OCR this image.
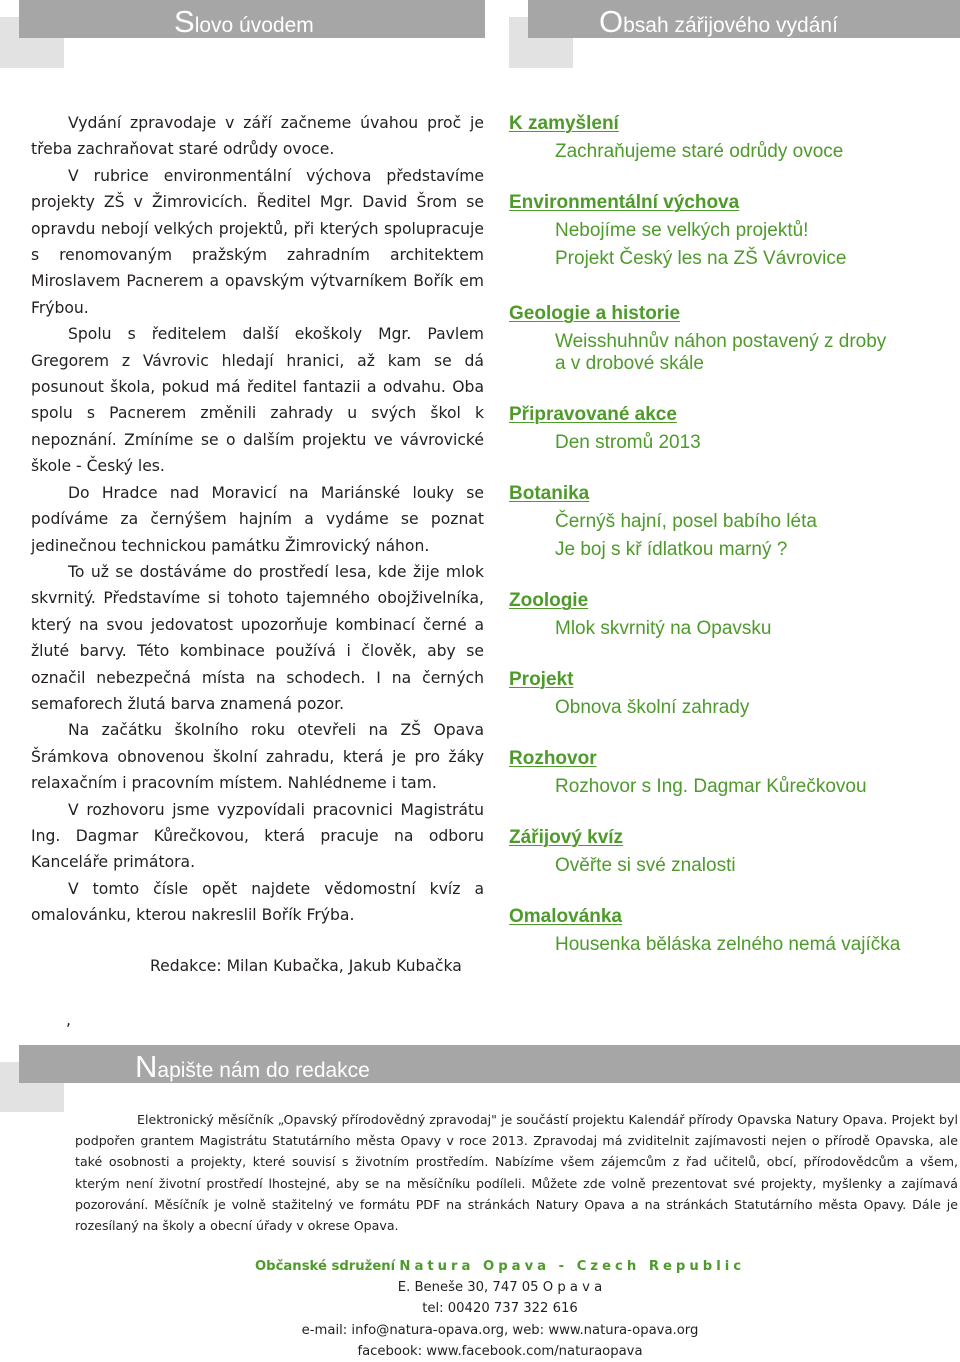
Slovo úvodem	Obsah zářijového vydání

Vydání zpravodaje v září začneme úvahou proč je třeba zachraňovat staré odrůdy ovoce.

V rubrice environmentální výchova představíme projekty ZŠ v Žimrovicích. Ředitel Mgr. David Šrom se opravdu nebojí velkých projektů, při kterých spolupracuje s renomovaným pražským zahradním architektem Miroslavem Pacnerem a opavským výtvarníkem Bořík em Frýbou.

Spolu s ředitelem další ekoškoly Mgr. Pavlem Gregorem z Vávrovic hledají hranici, až kam se dá posunout škola, pokud má ředitel fantazii a odvahu. Oba spolu s Pacnerem změnili zahrady u svých škol k nepoznání. Zmíníme se o dalším projektu ve vávrovické škole - Český les.

Do Hradce nad Moravicí na Mariánské louky se podíváme za černýšem hajním a vydáme se poznat jedinečnou technickou památku Žimrovický náhon.

To už se dostáváme do prostředí lesa, kde žije mlok skvrnitý. Představíme si tohoto tajemného obojživelníka, který na svou jedovatost upozorňuje kombinací černé a žluté barvy. Této kombinace používá i člověk, aby se označil nebezpečná místa na schodech. I na černých semaforech žlutá barva znamená pozor.

Na začátku školního roku otevřeli na ZŠ Opava Šrámkova obnovenou školní zahradu, která je pro žáky relaxačním i pracovním místem. Nahlédneme i tam.

V rozhovoru jsme vyzpovídali pracovnici Magistrátu Ing. Dagmar Kůrečkovou, která pracuje na odboru Kanceláře primátora.

V tomto čísle opět najdete vědomostní kvíz a omalovánku, kterou nakreslil Bořík Frýba.

Redakce: Milan Kubačka, Jakub Kubačka

,

K zamyšlení
Zachraňujeme staré odrůdy ovoce
Environmentální výchova
Nebojíme se velkých projektů!
Projekt Český les na ZŠ Vávrovice
Geologie a historie
Weisshuhnův náhon postavený z droby
a v drobové skále
Připravované akce
Den stromů 2013
Botanika
Černýš hajní, posel babího léta
Je boj s kř ídlatkou marný ?
Zoologie
Mlok skvrnitý na Opavsku
Projekt
Obnova školní zahrady
Rozhovor
Rozhovor s Ing. Dagmar Kůrečkovou
Zářijový kvíz
Ověřte si své znalosti
Omalovánka
Housenka běláska zelného nemá vajíčka
Napište nám do redakce

Elektronický měsíčník „Opavský přírodovědný zpravodaj" je součástí projektu Kalendář přírody Opavska Natury Opava. Projekt byl podpořen grantem Magistrátu Statutárního města Opavy v roce 2013. Zpravodaj má zviditelnit zajímavosti nejen o přírodě Opavska, ale také osobnosti a projekty, které souvisí s životním prostředím. Nabízíme všem zájemcům z řad učitelů, obcí, přírodovědcům a všem, kterým není životní prostředí lhostejné, aby se na měsíčníku podíleli. Můžete zde volně prezentovat své projekty, myšlenky a zajímavá pozorování. Měsíčník je volně stažitelný ve formátu PDF na stránkách Natury Opava a na stránkách Statutárního města Opavy. Dále je rozesílaný na školy a obecní úřady v okrese Opava.

Občanské sdružení Natura Opava - Czech Republic
E. Beneše 30, 747 05 O p a v a
tel: 00420 737 322 616
e-mail: info@natura-opava.org, web: www.natura-opava.org
facebook: www.facebook.com/naturaopava
